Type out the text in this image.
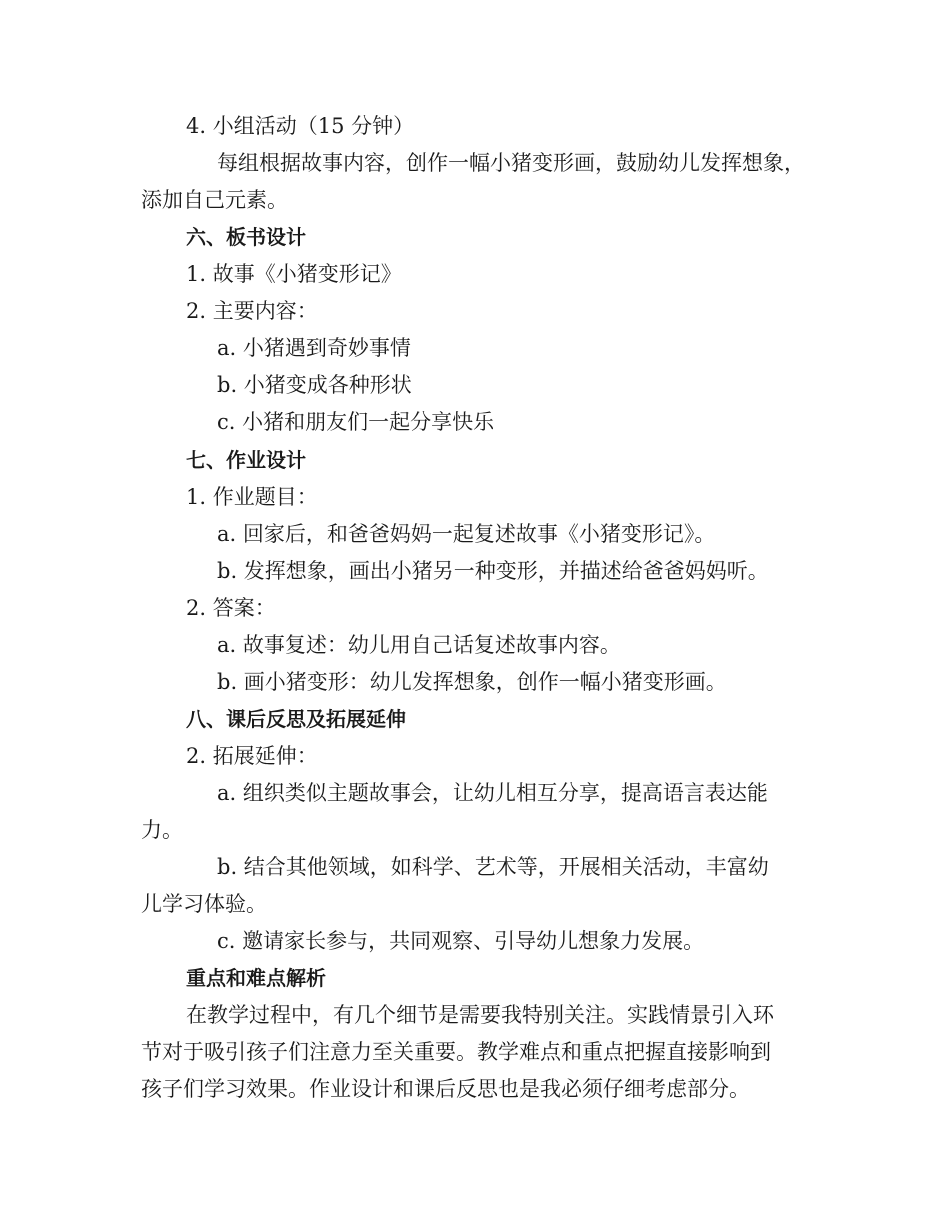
4. 小组活动（15 分钟）
每组根据故事内容，创作一幅小猪变形画，鼓励幼儿发挥想象，
添加自己元素。
六、板书设计
1. 故事《小猪变形记》
2. 主要内容：
a. 小猪遇到奇妙事情
b. 小猪变成各种形状
c. 小猪和朋友们一起分享快乐
七、作业设计
1. 作业题目：
a. 回家后，和爸爸妈妈一起复述故事《小猪变形记》。
b. 发挥想象，画出小猪另一种变形，并描述给爸爸妈妈听。
2. 答案：
a. 故事复述：幼儿用自己话复述故事内容。
b. 画小猪变形：幼儿发挥想象，创作一幅小猪变形画。
八、课后反思及拓展延伸
2. 拓展延伸：
a. 组织类似主题故事会，让幼儿相互分享，提高语言表达能
力。
b. 结合其他领域，如科学、艺术等，开展相关活动，丰富幼
儿学习体验。
c. 邀请家长参与，共同观察、引导幼儿想象力发展。
重点和难点解析
在教学过程中，有几个细节是需要我特别关注。实践情景引入环
节对于吸引孩子们注意力至关重要。教学难点和重点把握直接影响到
孩子们学习效果。作业设计和课后反思也是我必须仔细考虑部分。
